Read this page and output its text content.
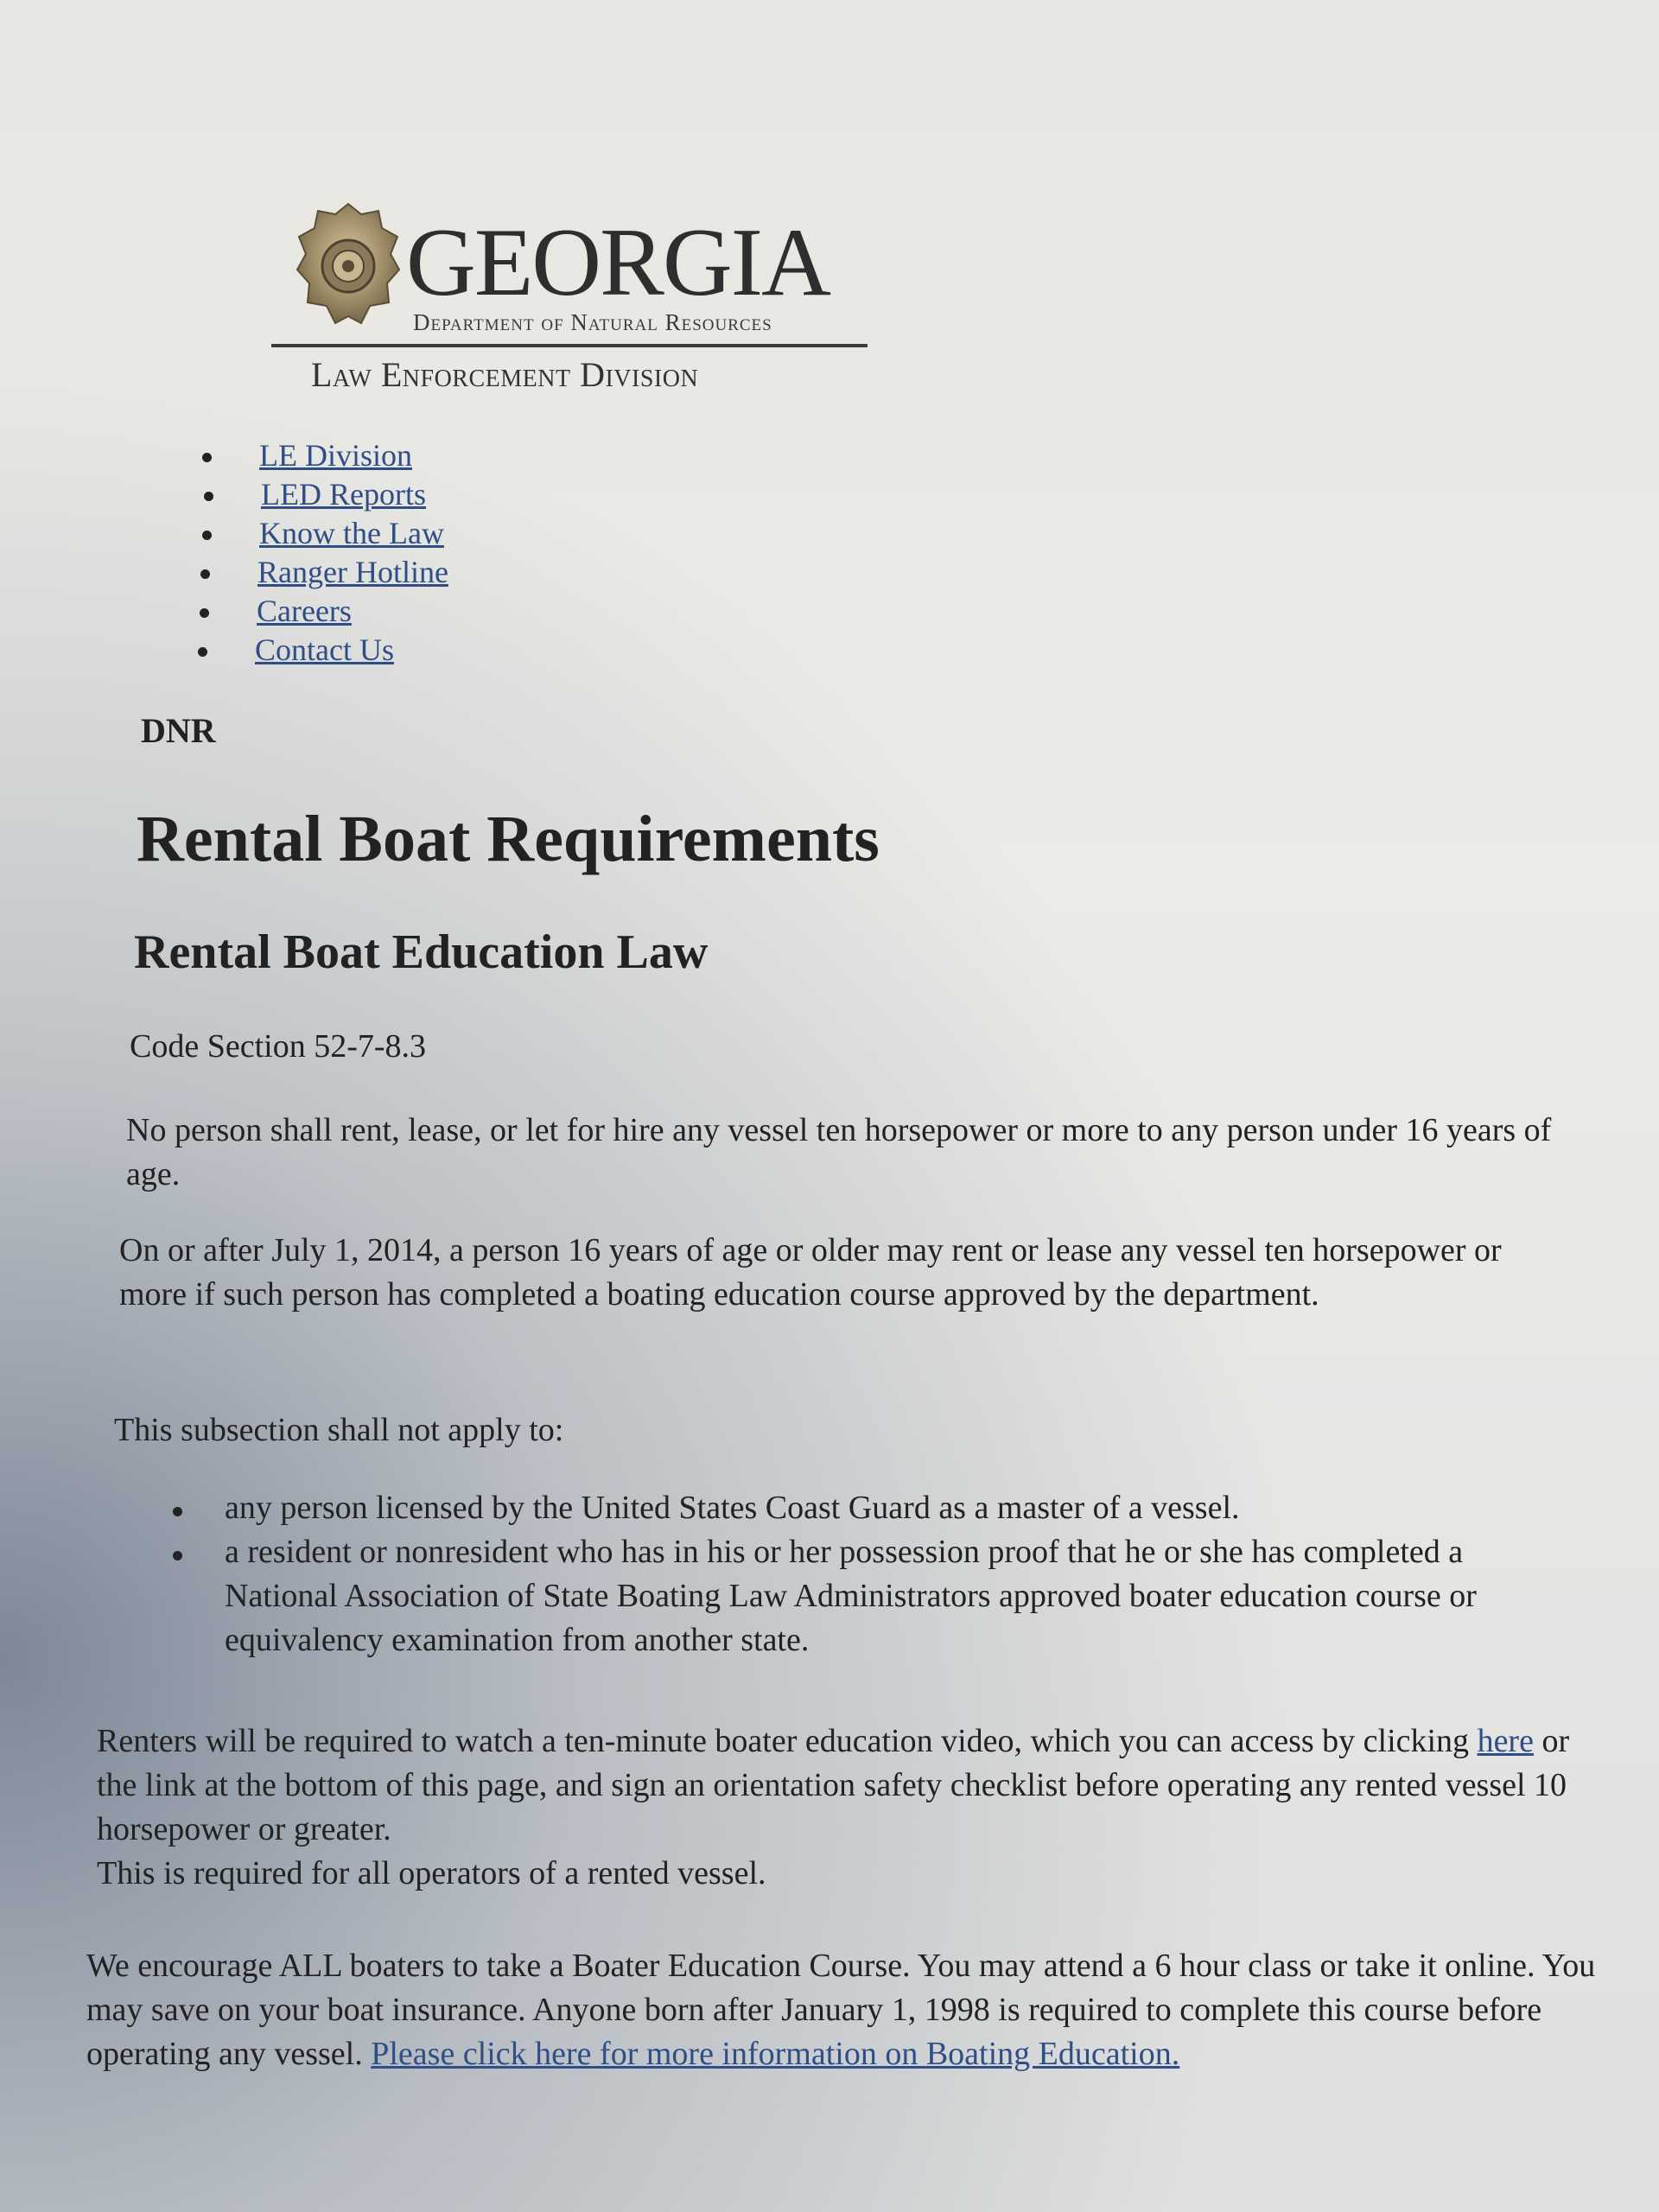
GEORGIA
Department of Natural Resources
Law Enforcement Division
LE Division
LED Reports
Know the Law
Ranger Hotline
Careers
Contact Us
DNR
Rental Boat Requirements
Rental Boat Education Law
Code Section 52-7-8.3
No person shall rent, lease, or let for hire any vessel ten horsepower or more to any person under 16 years of age.
On or after July 1, 2014, a person 16 years of age or older may rent or lease any vessel ten horsepower or more if such person has completed a boating education course approved by the department.
This subsection shall not apply to:
any person licensed by the United States Coast Guard as a master of a vessel.
a resident or nonresident who has in his or her possession proof that he or she has completed a National Association of State Boating Law Administrators approved boater education course or equivalency examination from another state.
Renters will be required to watch a ten-minute boater education video, which you can access by clicking here or the link at the bottom of this page, and sign an orientation safety checklist before operating any rented vessel 10 horsepower or greater.
This is required for all operators of a rented vessel.
We encourage ALL boaters to take a Boater Education Course. You may attend a 6 hour class or take it online. You may save on your boat insurance. Anyone born after January 1, 1998 is required to complete this course before operating any vessel. Please click here for more information on Boating Education.
